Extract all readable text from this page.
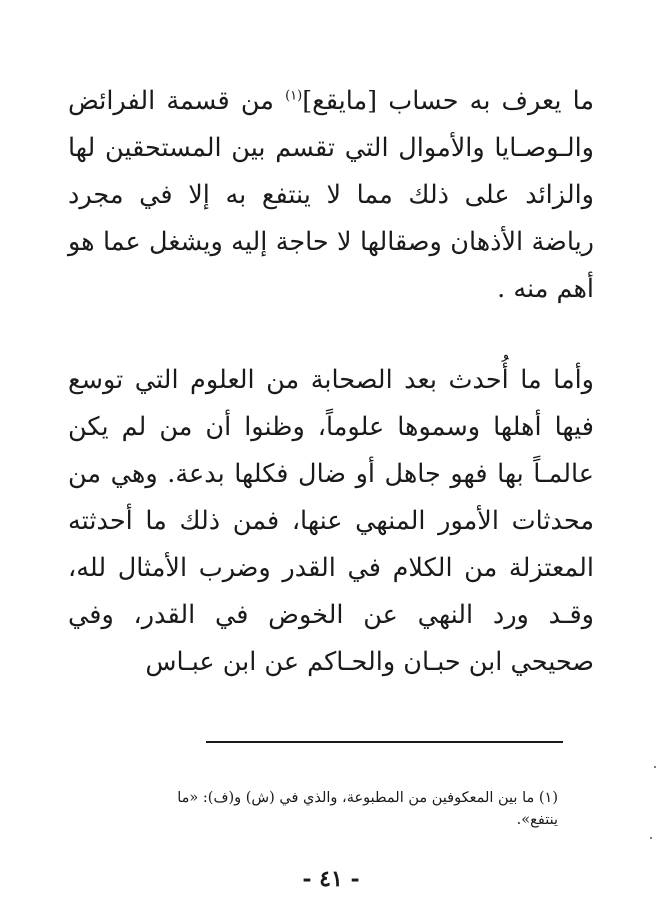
ما يعرف به حساب [مايقع]$^{(١)}$ من قسمة الفرائض والـوصـايا والأموال التي تقسم بين المستحقين لها والزائد على ذلك مما لا ينتفع به إلا في مجرد رياضة الأذهان وصقالها لا حاجة إليه ويشغل عما هو أهم منه .

وأما ما أُحدث بعد الصحابة من العلوم التي توسع فيها أهلها وسموها علوماً، وظنوا أن من لم يكن عالمـاً بها فهو جاهل أو ضال فكلها بدعة. وهي من محدثات الأمور المنهي عنها، فمن ذلك ما أحدثته المعتزلة من الكلام في القدر وضرب الأمثال لله، وقـد ورد النهي عن الخوض في القدر، وفي صحيحي ابن حبـان والحـاكم عن ابن عبـاس

(١) ما بين المعكوفين من المطبوعة، والذي في (ش) و(ف): «ما ينتفع».
- ٤١ -
